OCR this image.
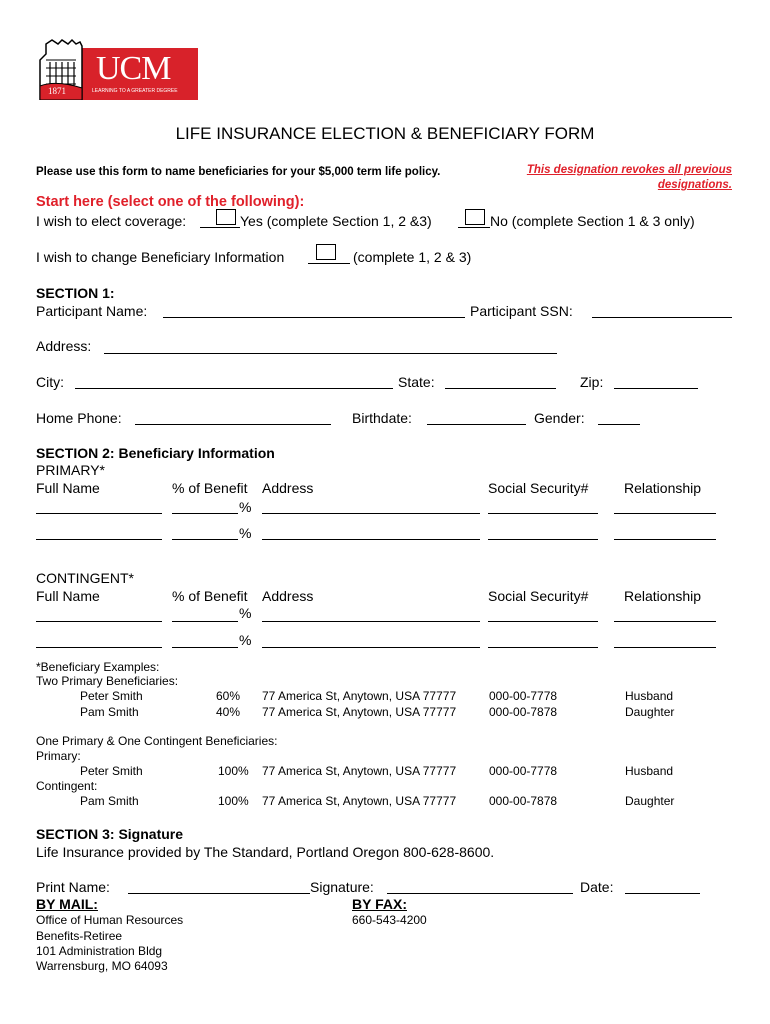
UCM
1871	LEARNING TO A GREATER DEGREE
LIFE INSURANCE ELECTION & BENEFICIARY FORM
Please use this form to name beneficiaries for your $5,000 term life policy.	This designation revokes all previous
designations.
Start here (select one of the following):
I wish to elect coverage:	Yes (complete Section 1, 2 &3)	No (complete Section 1 & 3 only)
I wish to change Beneficiary Information	(complete 1, 2 & 3)
SECTION 1:
Participant Name:	Participant SSN:
Address:
City:	State:	Zip:
Home Phone:	Birthdate:	Gender:
SECTION 2: Beneficiary Information
PRIMARY*
Full Name	% of Benefit Address	Social Security#	Relationship
%
%
CONTINGENT*
Full Name	% of Benefit Address	Social Security#	Relationship
%
%
*Beneficiary Examples:
Two Primary Beneficiaries:
Peter Smith	60% 77 America St, Anytown, USA 77777	000-00-7778	Husband
Pam Smith	40% 77 America St, Anytown, USA 77777	000-00-7878	Daughter
One Primary & One Contingent Beneficiaries:
Primary:
Peter Smith	100% 77 America St, Anytown, USA 77777	000-00-7778	Husband
Contingent:
Pam Smith	100% 77 America St, Anytown, USA 77777	000-00-7878	Daughter
SECTION 3: Signature
Life Insurance provided by The Standard, Portland Oregon 800-628-8600.
Print Name:	Signature:	Date:
BY MAIL:
Office of Human Resources
Benefits-Retiree
101 Administration Bldg
Warrensburg, MO 64093
BY FAX:
660-543-4200
